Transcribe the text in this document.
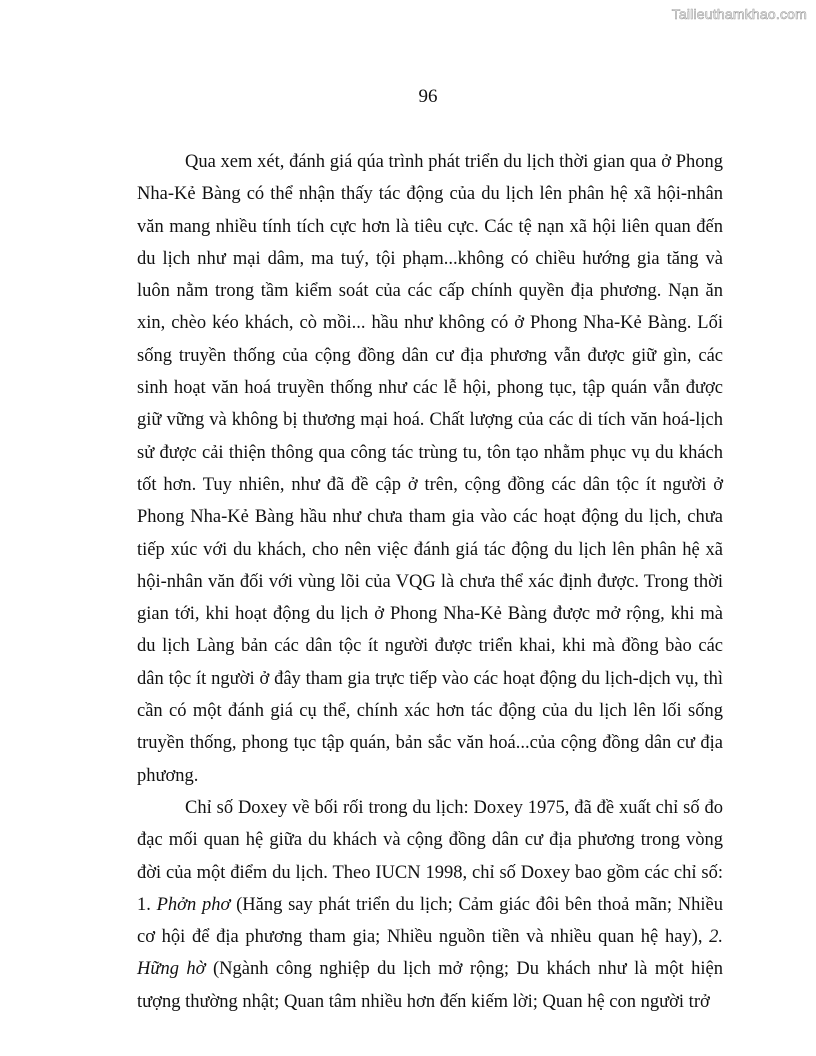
Tailieuthamkhao.com
96

Qua xem xét, đánh giá qúa trình phát triển du lịch thời gian qua ở Phong Nha-Kẻ Bàng có thể nhận thấy tác động của du lịch lên phân hệ xã hội-nhân văn mang nhiều tính tích cực hơn là tiêu cực. Các tệ nạn xã hội liên quan đến du lịch như mại dâm, ma tuý, tội phạm...không có chiều hướng gia tăng và luôn nằm trong tầm kiểm soát của các cấp chính quyền địa phương. Nạn ăn xin, chèo kéo khách, cò mồi... hầu như không có ở Phong Nha-Kẻ Bàng. Lối sống truyền thống của cộng đồng dân cư địa phương vẫn được giữ gìn, các sinh hoạt văn hoá truyền thống như các lễ hội, phong tục, tập quán vẫn được giữ vững và không bị thương mại hoá. Chất lượng của các di tích văn hoá-lịch sử được cải thiện thông qua công tác trùng tu, tôn tạo nhằm phục vụ du khách tốt hơn. Tuy nhiên, như đã đề cập ở trên, cộng đồng các dân tộc ít người ở Phong Nha-Kẻ Bàng hầu như chưa tham gia vào các hoạt động du lịch, chưa tiếp xúc với du khách, cho nên việc đánh giá tác động du lịch lên phân hệ xã hội-nhân văn đối với vùng lõi của VQG là chưa thể xác định được. Trong thời gian tới, khi hoạt động du lịch ở Phong Nha-Kẻ Bàng được mở rộng, khi mà du lịch Làng bản các dân tộc ít người được triển khai, khi mà đồng bào các dân tộc ít người ở đây tham gia trực tiếp vào các hoạt động du lịch-dịch vụ, thì cần có một đánh giá cụ thể, chính xác hơn tác động của du lịch lên lối sống truyền thống, phong tục tập quán, bản sắc văn hoá...của cộng đồng dân cư địa phương.

Chỉ số Doxey về bối rối trong du lịch: Doxey 1975, đã đề xuất chỉ số đo đạc mối quan hệ giữa du khách và cộng đồng dân cư địa phương trong vòng đời của một điểm du lịch. Theo IUCN 1998, chỉ số Doxey bao gồm các chỉ số: 1. Phởn phơ (Hăng say phát triển du lịch; Cảm giác đôi bên thoả mãn; Nhiều cơ hội để địa phương tham gia; Nhiều nguồn tiền và nhiều quan hệ hay), 2. Hững hờ (Ngành công nghiệp du lịch mở rộng; Du khách như là một hiện tượng thường nhật; Quan tâm nhiều hơn đến kiếm lời; Quan hệ con người trở
